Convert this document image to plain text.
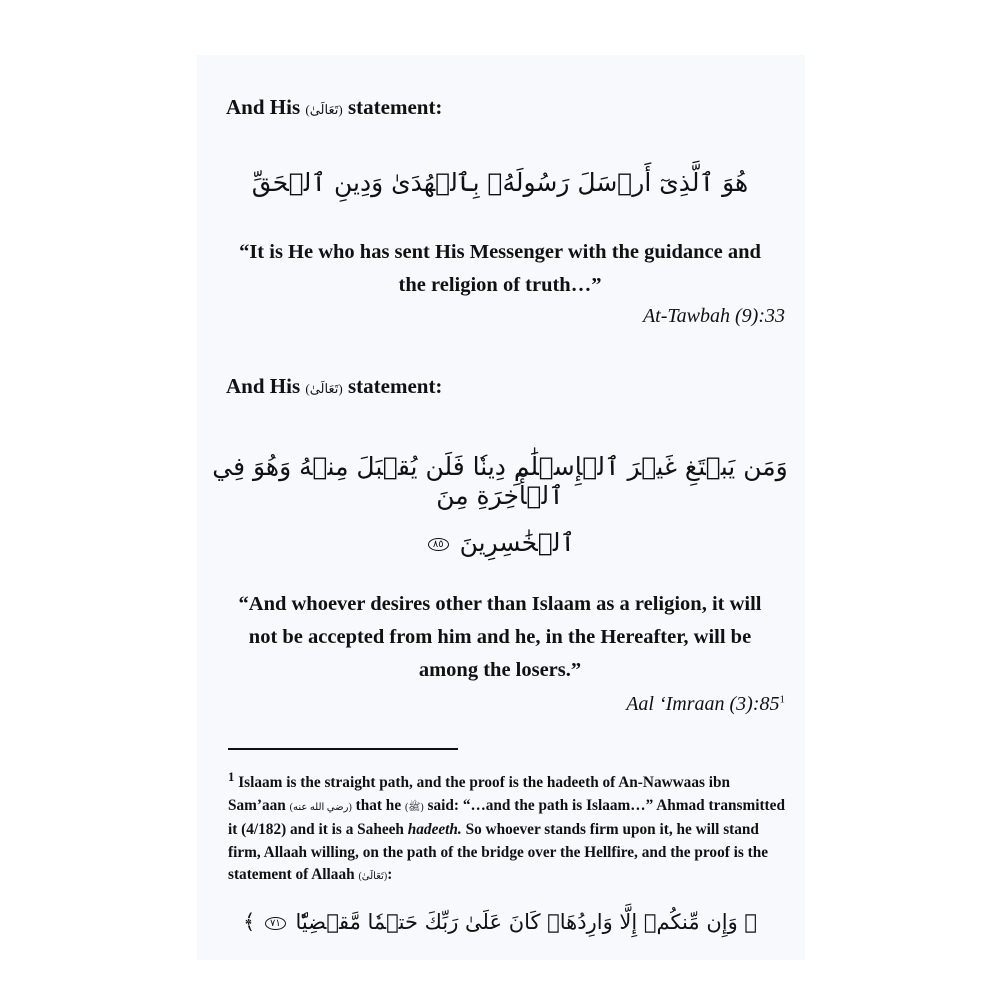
And His (تَعَالَىٰ) statement:
هُوَ ٱلَّذِىٓ أَرۡسَلَ رَسُولَهُۥ بِٱلۡهُدَىٰ وَدِينِ ٱلۡحَقِّ
“It is He who has sent His Messenger with the guidance and
the religion of truth…”
At-Tawbah (9):33
And His (تَعَالَىٰ) statement:
وَمَن يَبۡتَغِ غَيۡرَ ٱلۡإِسۡلَٰمِ دِينٗا فَلَن يُقۡبَلَ مِنۡهُ وَهُوَ فِي ٱلۡأٓخِرَةِ مِنَ
ٱلۡخَٰسِرِينَ ٨٥
“And whoever desires other than Islaam as a religion, it will
not be accepted from him and he, in the Hereafter, will be
among the losers.”
Aal ‘Imraan $(3):85^1$
$^1$ Islaam is the straight path, and the proof is the hadeeth of An-Nawwaas ibn Sam’aan (رضي الله عنه) that he (ﷺ) said: “…and the path is Islaam…” Ahmad transmitted it (4/182) and it is a Saheeh hadeeth. So whoever stands firm upon it, he will stand firm, Allaah willing, on the path of the bridge over the Hellfire, and the proof is the statement of Allaah (تَعَالَىٰ):
﴿ وَإِن مِّنكُمۡ إِلَّا وَارِدُهَاۚ كَانَ عَلَىٰ رَبِّكَ حَتۡمٗا مَّقۡضِيّٗا ٧١ ﴾
